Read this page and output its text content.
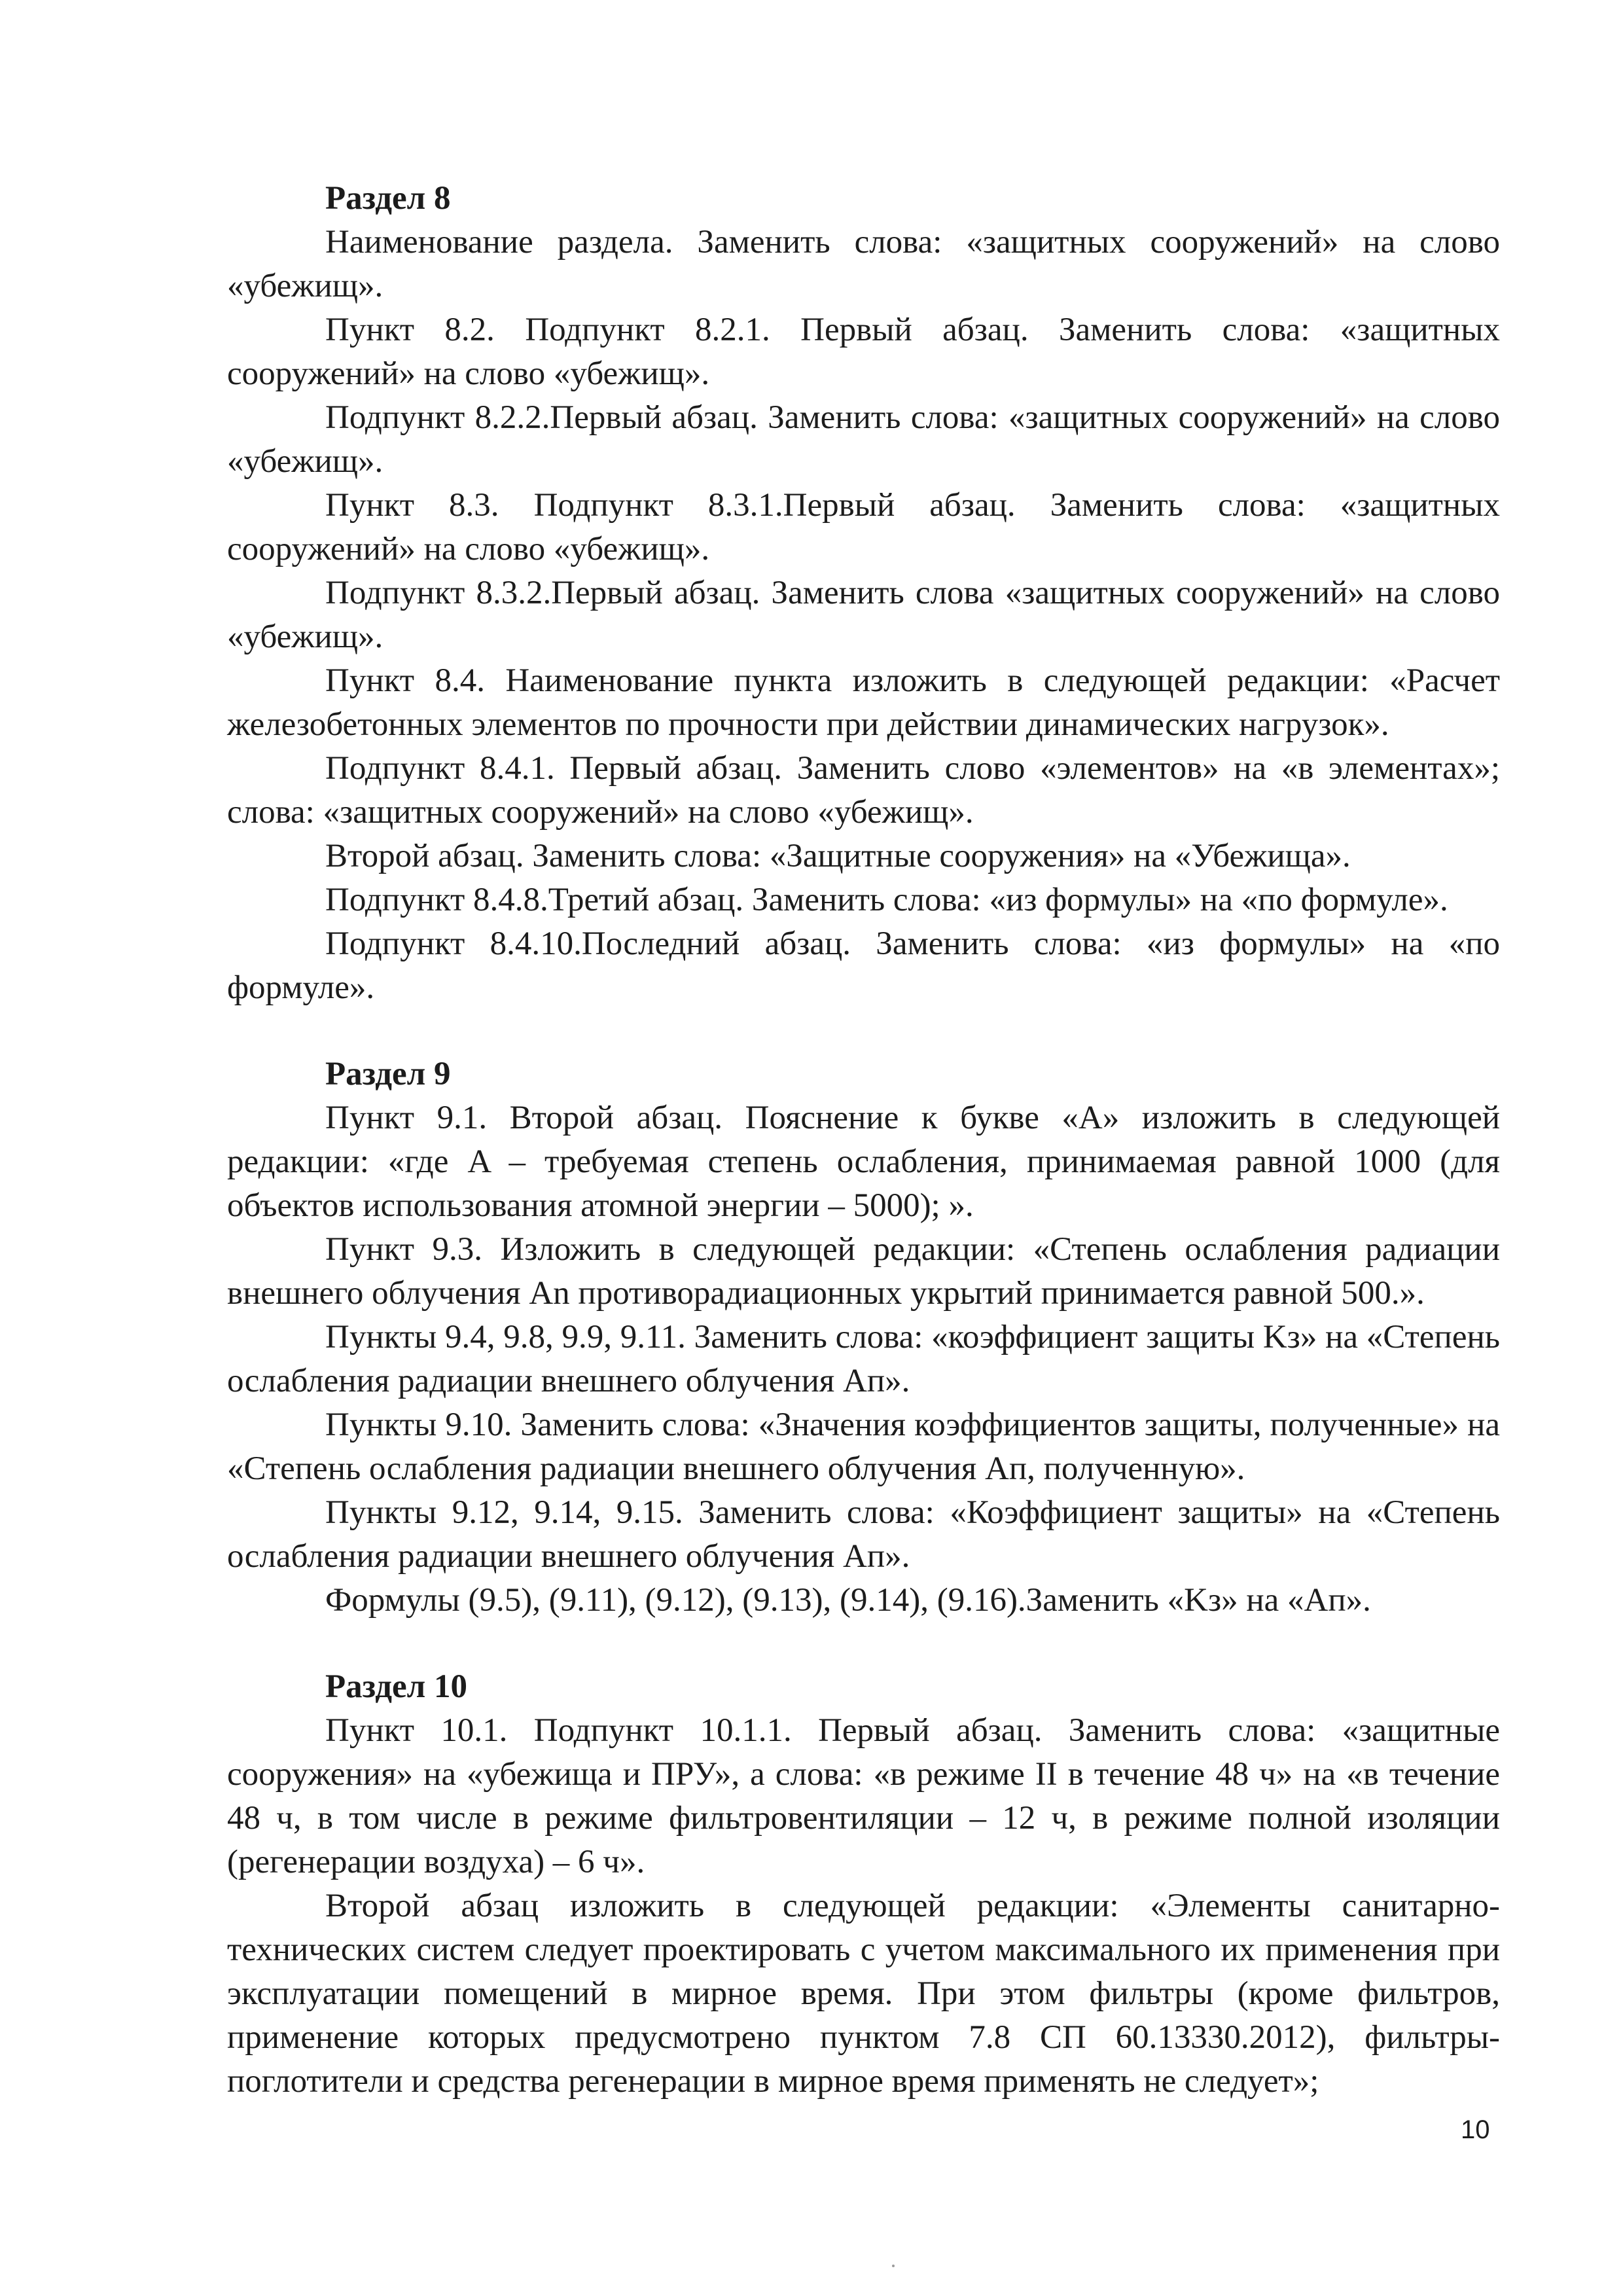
Раздел 8

Наименование раздела. Заменить слова: «защитных сооружений» на слово «убежищ».

Пункт 8.2. Подпункт 8.2.1. Первый абзац. Заменить слова: «защитных сооружений» на слово «убежищ».

Подпункт 8.2.2.Первый абзац. Заменить слова: «защитных сооружений» на слово «убежищ».

Пункт 8.3. Подпункт 8.3.1.Первый абзац. Заменить слова: «защитных сооружений» на слово «убежищ».

Подпункт 8.3.2.Первый абзац. Заменить слова «защитных сооружений» на слово «убежищ».

Пункт 8.4. Наименование пункта изложить в следующей редакции: «Расчет железобетонных элементов по прочности при действии динамических нагрузок».

Подпункт 8.4.1. Первый абзац. Заменить слово «элементов» на «в элементах»; слова: «защитных сооружений» на слово «убежищ».

Второй абзац. Заменить слова: «Защитные сооружения» на «Убежища».

Подпункт 8.4.8.Третий абзац. Заменить слова: «из формулы» на «по формуле».

Подпункт 8.4.10.Последний абзац. Заменить слова: «из формулы» на «по формуле».

Раздел 9

Пункт 9.1. Второй абзац. Пояснение к букве «A» изложить в следующей редакции: «где A – требуемая степень ослабления, принимаемая равной 1000 (для объектов использования атомной энергии – 5000); ».

Пункт 9.3. Изложить в следующей редакции: «Степень ослабления радиации внешнего облучения An противорадиационных укрытий принимается равной 500.».

Пункты 9.4, 9.8, 9.9, 9.11. Заменить слова: «коэффициент защиты Kз» на «Степень ослабления радиации внешнего облучения Aп».

Пункты 9.10. Заменить слова: «Значения коэффициентов защиты, полученные» на «Степень ослабления радиации внешнего облучения Aп, полученную».

Пункты 9.12, 9.14, 9.15. Заменить слова: «Коэффициент защиты» на «Степень ослабления радиации внешнего облучения Aп».

Формулы (9.5), (9.11), (9.12), (9.13), (9.14), (9.16).Заменить «Kз» на «Aп».

Раздел 10

Пункт 10.1. Подпункт 10.1.1. Первый абзац. Заменить слова: «защитные сооружения» на «убежища и ПРУ», а слова: «в режиме II в течение 48 ч» на «в течение 48 ч, в том числе в режиме фильтровентиляции – 12 ч, в режиме полной изоляции (регенерации воздуха) – 6 ч».

Второй абзац изложить в следующей редакции: «Элементы санитарно-технических систем следует проектировать с учетом максимального их применения при эксплуатации помещений в мирное время. При этом фильтры (кроме фильтров, применение которых предусмотрено пунктом 7.8 СП 60.13330.2012), фильтры-поглотители и средства регенерации в мирное время применять не следует»;

10
